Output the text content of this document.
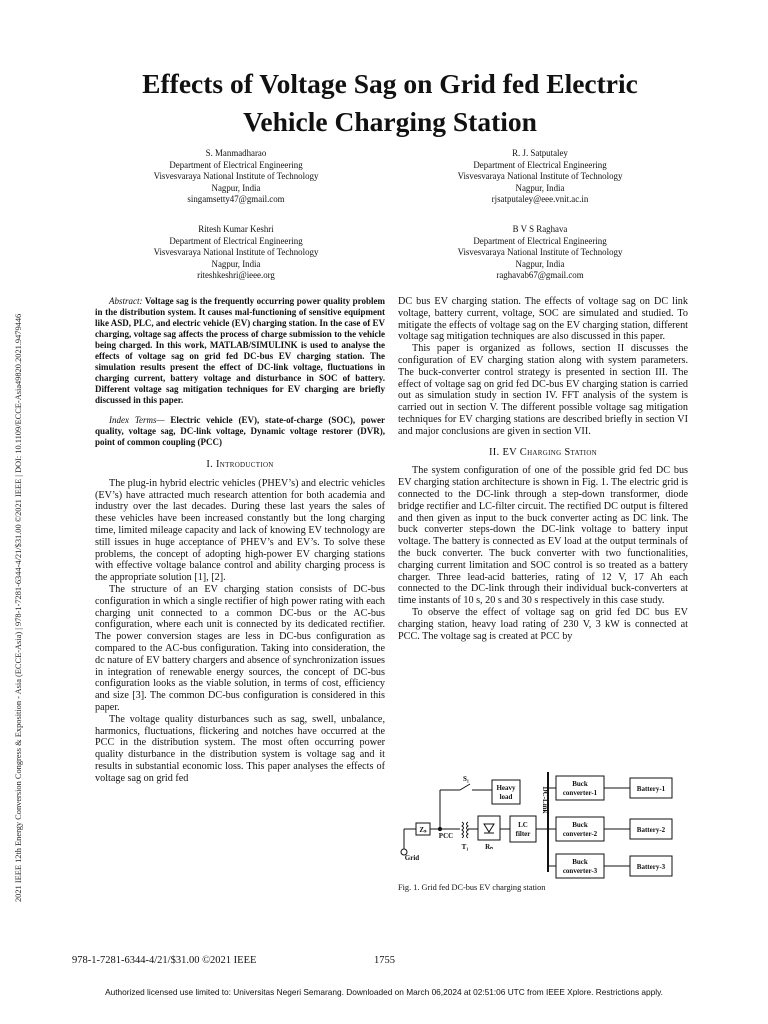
2021 IEEE 12th Energy Conversion Congress & Exposition - Asia (ECCE-Asia) | 978-1-7281-6344-4/21/$31.00 ©2021 IEEE | DOI: 10.1109/ECCE-Asia49820.2021.9479446
Effects of Voltage Sag on Grid fed Electric
Vehicle Charging Station
S. Manmadharao
Department of Electrical Engineering
Visvesvaraya National Institute of Technology
Nagpur, India
singamsetty47@gmail.com
R. J. Satputaley
Department of Electrical Engineering
Visvesvaraya National Institute of Technology
Nagpur, India
rjsatputaley@eee.vnit.ac.in
Ritesh Kumar Keshri
Department of Electrical Engineering
Visvesvaraya National Institute of Technology
Nagpur, India
riteshkeshri@ieee.org
B V S Raghava
Department of Electrical Engineering
Visvesvaraya National Institute of Technology
Nagpur, India
raghavab67@gmail.com

Abstract: Voltage sag is the frequently occurring power quality problem in the distribution system. It causes mal-functioning of sensitive equipment like ASD, PLC, and electric vehicle (EV) charging station. In the case of EV charging, voltage sag affects the process of charge submission to the vehicle being charged. In this work, MATLAB/SIMULINK is used to analyse the effects of voltage sag on grid fed DC-bus EV charging station. The simulation results present the effect of DC-link voltage, fluctuations in charging current, battery voltage and disturbance in SOC of battery. Different voltage sag mitigation techniques for EV charging are briefly discussed in this paper.

Index Terms— Electric vehicle (EV), state-of-charge (SOC), power quality, voltage sag, DC-link voltage, Dynamic voltage restorer (DVR), point of common coupling (PCC)

I. Introduction

The plug-in hybrid electric vehicles (PHEV’s) and electric vehicles (EV’s) have attracted much research attention for both academia and industry over the last decades. During these last years the sales of these vehicles have been increased constantly but the long charging time, limited mileage capacity and lack of knowing EV technology are still issues in huge acceptance of PHEV’s and EV’s. To solve these problems, the concept of adopting high-power EV charging stations with effective voltage balance control and ability charging process is the appropriate solution [1], [2].

The structure of an EV charging station consists of DC-bus configuration in which a single rectifier of high power rating with each charging unit connected to a common DC-bus or the AC-bus configuration, where each unit is connected by its dedicated rectifier. The power conversion stages are less in DC-bus configuration as compared to the AC-bus configuration. Taking into consideration, the dc nature of EV battery chargers and absence of synchronization issues in integration of renewable energy sources, the concept of DC-bus configuration looks as the viable solution, in terms of cost, efficiency and size [3]. The common DC-bus configuration is considered in this paper.

The voltage quality disturbances such as sag, swell, unbalance, harmonics, fluctuations, flickering and notches have occurred at the PCC in the distribution system. The most often occurring power quality disturbance in the distribution system is voltage sag and it results in substantial economic loss. This paper analyses the effects of voltage sag on grid fed

DC bus EV charging station. The effects of voltage sag on DC link voltage, battery current, voltage, SOC are simulated and studied. To mitigate the effects of voltage sag on the EV charging station, different voltage sag mitigation techniques are also discussed in this paper.

This paper is organized as follows, section II discusses the configuration of EV charging station along with system parameters. The buck-converter control strategy is presented in section III. The effect of voltage sag on grid fed DC-bus EV charging station is carried out as simulation study in section IV. FFT analysis of the system is carried out in section V. The different possible voltage sag mitigation techniques for EV charging stations are described briefly in section VI and major conclusions are given in section VII.

II. EV Charging Station

The system configuration of one of the possible grid fed DC bus EV charging station architecture is shown in Fig. 1. The electric grid is connected to the DC-link through a step-down transformer, diode bridge rectifier and LC-filter circuit. The rectified DC output is filtered and then given as input to the buck converter acting as DC link. The buck converter steps-down the DC-link voltage to battery input voltage. The battery is connected as EV load at the output terminals of the buck converter. The buck converter with two functionalities, charging current limitation and SOC control is so treated as a battery charger. Three lead-acid batteries, rating of 12 V, 17 Ah each connected to the DC-link through their individual buck-converters at time instants of 10 s, 20 s and 30 s respectively in this case study.

To observe the effect of voltage sag on grid fed DC bus EV charging station, heavy load rating of 230 V, 3 kW is connected at PCC. The voltage sag is created at PCC by

S₁
Heavy
load
Zₛ
PCC
T₁ Rₙ
LC
filter
Grid
DC-Link
Buck
converter-1
Buck
converter-2
Buck
converter-3
Battery-1
Battery-2
Battery-3
Fig. 1. Grid fed DC-bus EV charging station
978-1-7281-6344-4/21/$31.00 ©2021 IEEE	1755
Authorized licensed use limited to: Universitas Negeri Semarang. Downloaded on March 06,2024 at 02:51:06 UTC from IEEE Xplore. Restrictions apply.
